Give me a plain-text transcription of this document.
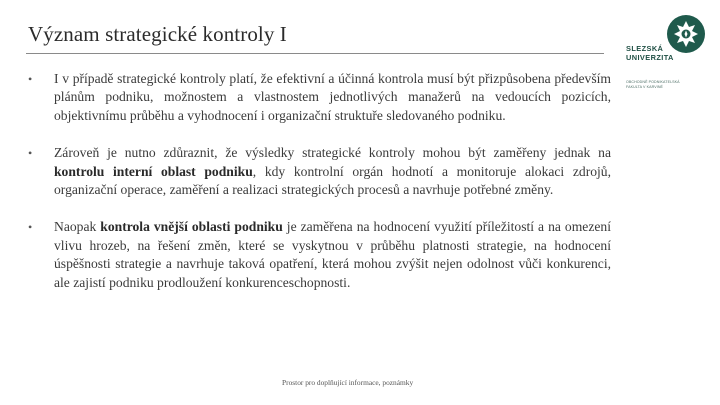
Význam strategické kontroly I
SLEZSKÁ
UNIVERZITA
OBCHODNĚ PODNIKATELSKÁ
FAKULTA V KARVINÉ
• I v případě strategické kontroly platí, že efektivní a účinná kontrola musí být přizpůsobena především plánům podniku, možnostem a vlastnostem jednotlivých manažerů na vedoucích pozicích, objektivnímu průběhu a vyhodnocení i organizační struktuře sledovaného podniku.
• Zároveň je nutno zdůraznit, že výsledky strategické kontroly mohou být zaměřeny jednak na kontrolu interní oblast podniku, kdy kontrolní orgán hodnotí a monitoruje alokaci zdrojů, organizační operace, zaměření a realizaci strategických procesů a navrhuje potřebné změny.
• Naopak kontrola vnější oblasti podniku je zaměřena na hodnocení využití příležitostí a na omezení vlivu hrozeb, na řešení změn, které se vyskytnou v průběhu platnosti strategie, na hodnocení úspěšnosti strategie a navrhuje taková opatření, která mohou zvýšit nejen odolnost vůči konkurenci, ale zajistí podniku prodloužení konkurenceschopnosti.
Prostor pro doplňující informace, poznámky
